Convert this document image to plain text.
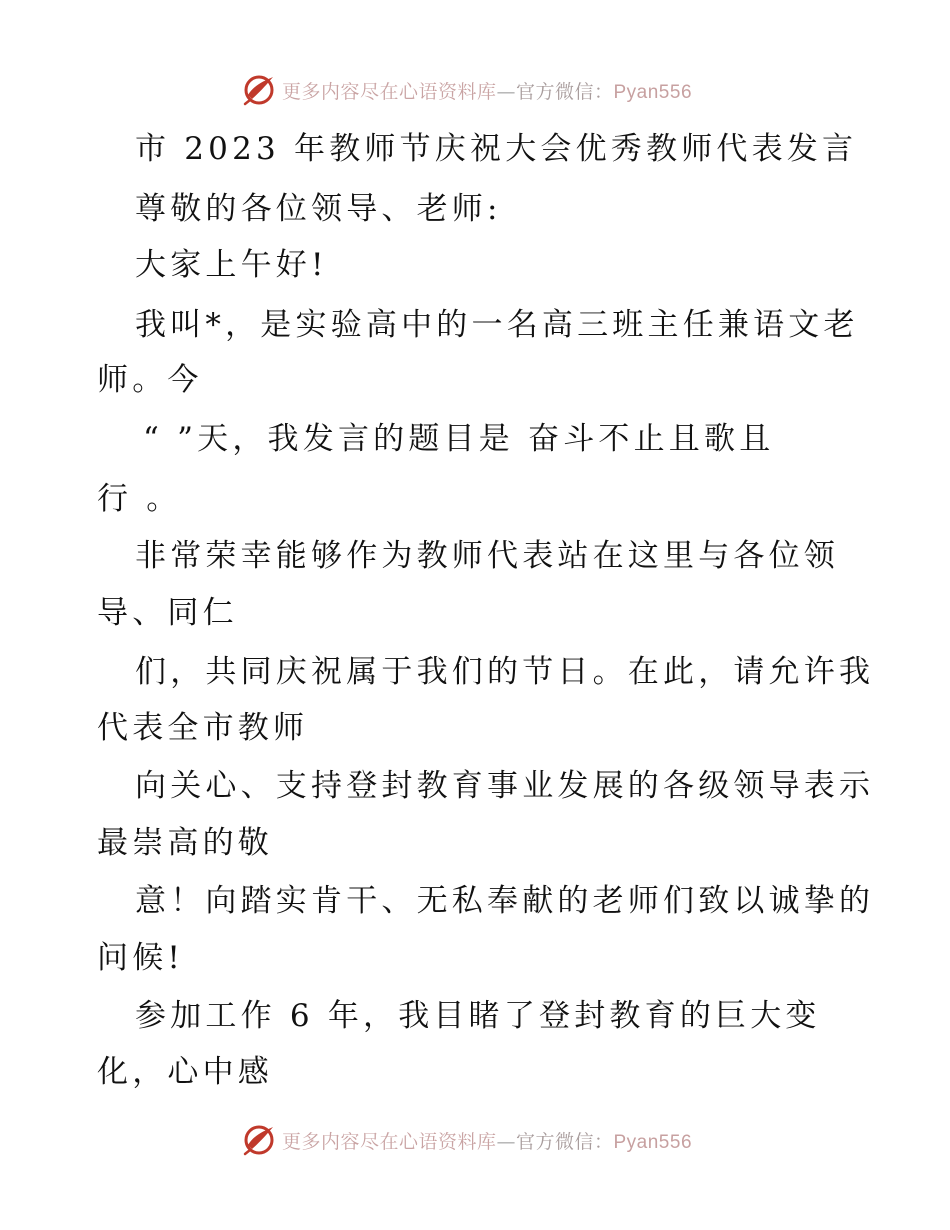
更多内容尽在心语资料库—官方微信：Pyan556
市 2023 年教师节庆祝大会优秀教师代表发言
尊敬的各位领导、老师:
大家上午好!
我叫*，是实验高中的一名高三班主任兼语文老
师。今
“ ”天，我发言的题目是 奋斗不止且歌且
行 。
非常荣幸能够作为教师代表站在这里与各位领
导、同仁
们，共同庆祝属于我们的节日。在此，请允许我
代表全市教师
向关心、支持登封教育事业发展的各级领导表示
最崇高的敬
意！向踏实肯干、无私奉献的老师们致以诚挚的
问候!
参加工作 6 年，我目睹了登封教育的巨大变
化，心中感
更多内容尽在心语资料库—官方微信：Pyan556
